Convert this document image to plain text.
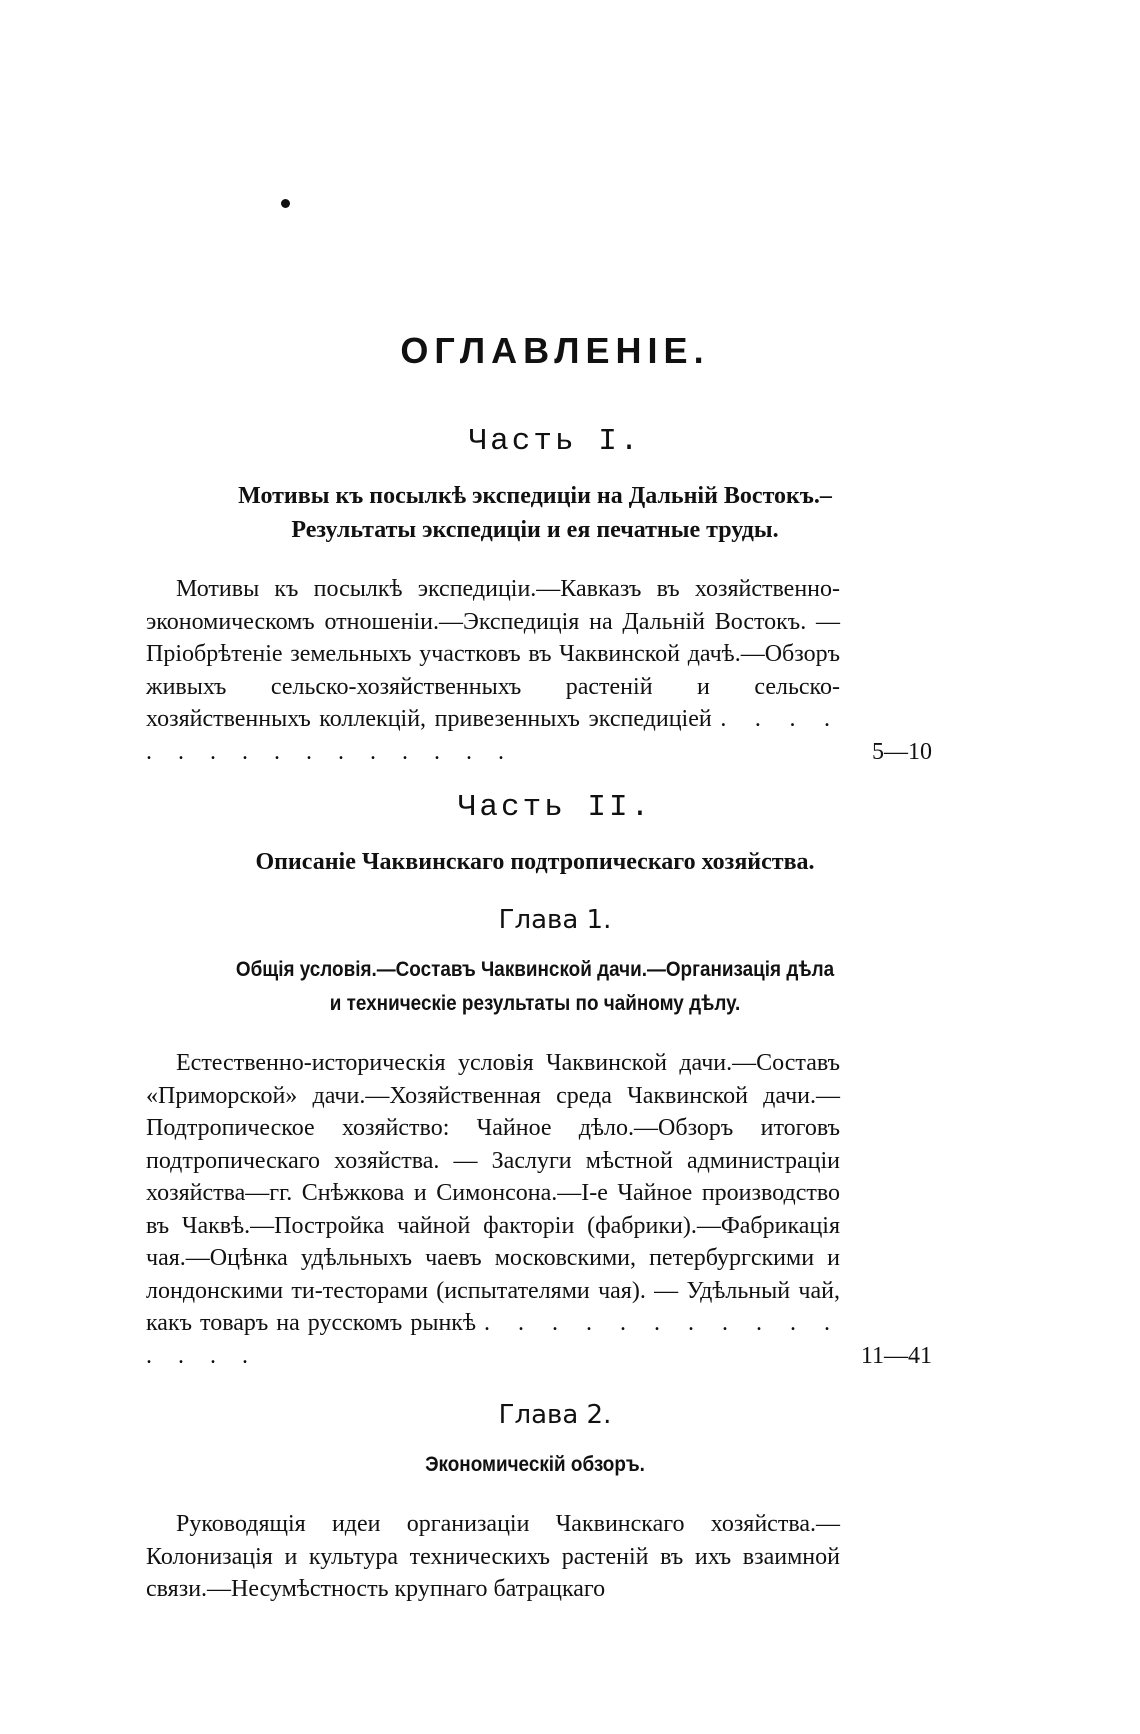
ОГЛАВЛЕНIЕ.
Часть I.
Мотивы къ посылкѣ экспедицiи на Дальнiй Востокъ.–
Результаты экспедицiи и ея печатные труды.

Мотивы къ посылкѣ экспедицiи.—Кавказъ въ хозяйственно-экономическомъ отношенiи.—Экспедицiя на Дальнiй Востокъ. — Прiобрѣтенiе земельныхъ участковъ въ Чаквинской дачѣ.—Обзоръ живыхъ сельско-хозяйственныхъ растенiй и сельско-хозяйственныхъ коллекцiй, привезенныхъ экспедицiей . . . . . . . . . . . . . . . .	5—10
Часть II.
Описанiе Чаквинскаго подтропическаго хозяйства.
Глава 1.
Общiя условiя.—Составъ Чаквинской дачи.—Организацiя дѣла
и техническiе результаты по чайному дѣлу.

Естественно-историческiя условiя Чаквинской дачи.—Составъ «Приморской» дачи.—Хозяйственная среда Чаквинской дачи.—Подтропическое хозяйство: Чайное дѣло.—Обзоръ итоговъ подтропическаго хозяйства. — Заслуги мѣстной администрацiи хозяйства—гг. Снѣжкова и Симонсона.—I-е Чайное производство въ Чаквѣ.—Постройка чайной факторiи (фабрики).—Фабрикацiя чая.—Оцѣнка удѣльныхъ чаевъ московскими, петербургскими и лондонскими ти-тесторами (испытателями чая). — Удѣльный чай, какъ товаръ на русскомъ рынкѣ . . . . . . . . . . . . . . .	11—41
Глава 2.
Экономическiй обзоръ.

Руководящiя идеи организацiи Чаквинскаго хозяйства.—Колонизацiя и культура техническихъ растенiй въ ихъ взаимной связи.—Несумѣстность крупнаго батрацкаго
